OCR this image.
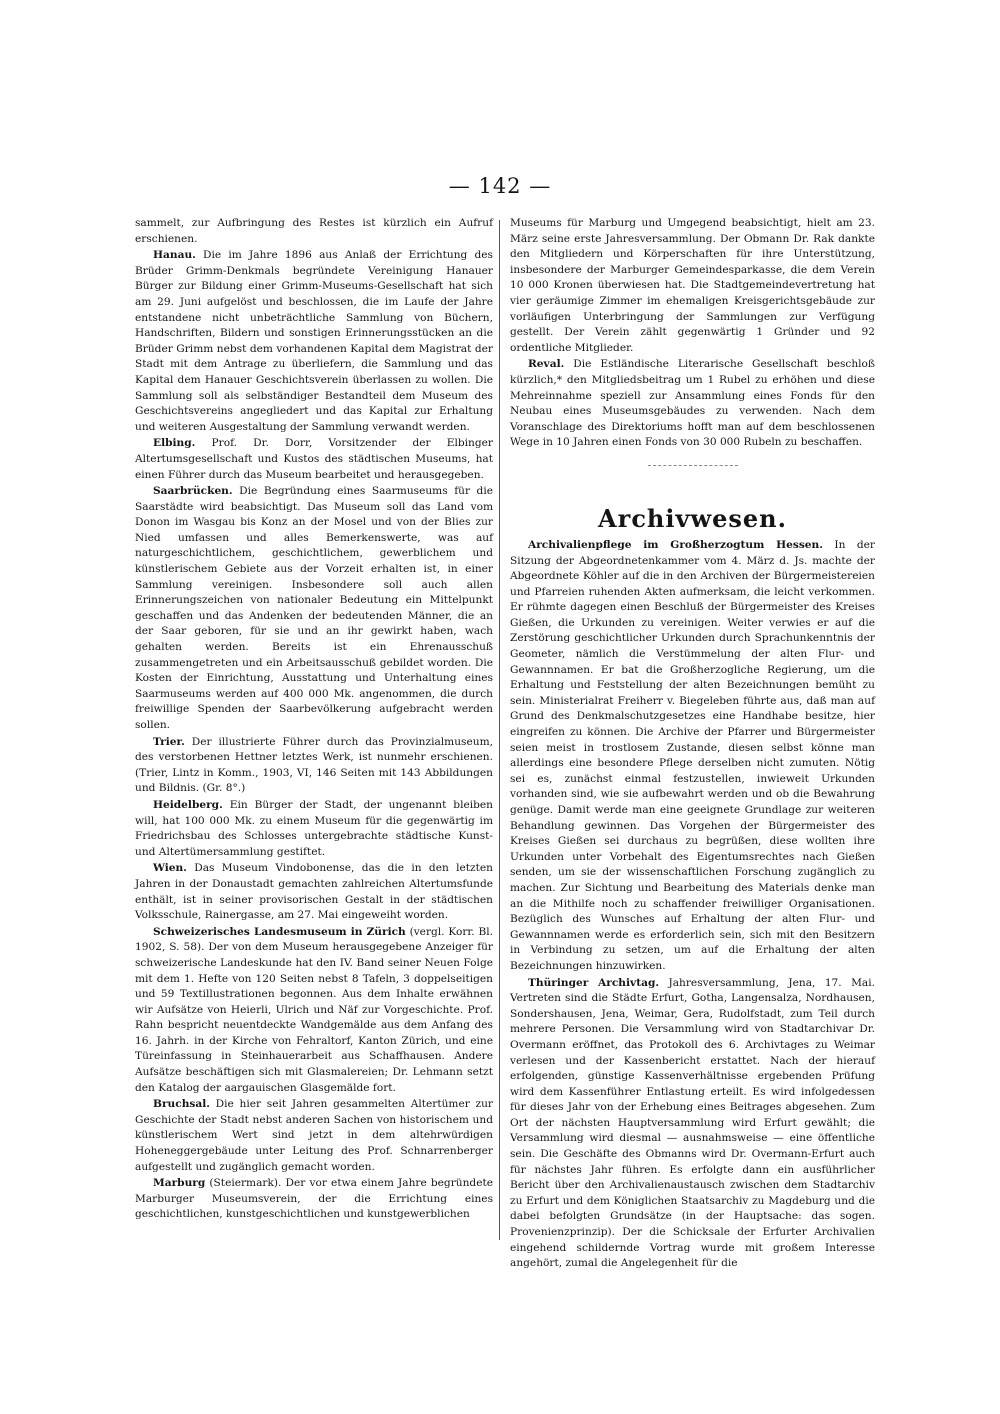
— 142 —

sammelt, zur Aufbringung des Restes ist kürzlich ein Aufruf erschienen.

Hanau. Die im Jahre 1896 aus Anlaß der Errichtung des Brüder Grimm-Denkmals begründete Vereinigung Hanauer Bürger zur Bildung einer Grimm-Museums-Gesellschaft hat sich am 29. Juni aufgelöst und beschlossen, die im Laufe der Jahre entstandene nicht unbeträchtliche Sammlung von Büchern, Handschriften, Bildern und sonstigen Erinnerungsstücken an die Brüder Grimm nebst dem vorhandenen Kapital dem Magistrat der Stadt mit dem Antrage zu überliefern, die Sammlung und das Kapital dem Hanauer Geschichtsverein überlassen zu wollen. Die Sammlung soll als selbständiger Bestandteil dem Museum des Geschichtsvereins angegliedert und das Kapital zur Erhaltung und weiteren Ausgestaltung der Sammlung verwandt werden.

Elbing. Prof. Dr. Dorr, Vorsitzender der Elbinger Altertumsgesellschaft und Kustos des städtischen Museums, hat einen Führer durch das Museum bearbeitet und herausgegeben.

Saarbrücken. Die Begründung eines Saarmuseums für die Saarstädte wird beabsichtigt. Das Museum soll das Land vom Donon im Wasgau bis Konz an der Mosel und von der Blies zur Nied umfassen und alles Bemerkenswerte, was auf naturgeschichtlichem, geschichtlichem, gewerblichem und künstlerischem Gebiete aus der Vorzeit erhalten ist, in einer Sammlung vereinigen. Insbesondere soll auch allen Erinnerungszeichen von nationaler Bedeutung ein Mittelpunkt geschaffen und das Andenken der bedeutenden Männer, die an der Saar geboren, für sie und an ihr gewirkt haben, wach gehalten werden. Bereits ist ein Ehrenausschuß zusammengetreten und ein Arbeitsausschuß gebildet worden. Die Kosten der Einrichtung, Ausstattung und Unterhaltung eines Saarmuseums werden auf 400 000 Mk. angenommen, die durch freiwillige Spenden der Saarbevölkerung aufgebracht werden sollen.

Trier. Der illustrierte Führer durch das Provinzialmuseum, des verstorbenen Hettner letztes Werk, ist nunmehr erschienen. (Trier, Lintz in Komm., 1903, VI, 146 Seiten mit 143 Abbildungen und Bildnis. (Gr. 8°.)

Heidelberg. Ein Bürger der Stadt, der ungenannt bleiben will, hat 100 000 Mk. zu einem Museum für die gegenwärtig im Friedrichsbau des Schlosses untergebrachte städtische Kunst- und Altertümersammlung gestiftet.

Wien. Das Museum Vindobonense, das die in den letzten Jahren in der Donaustadt gemachten zahlreichen Altertumsfunde enthält, ist in seiner provisorischen Gestalt in der städtischen Volksschule, Rainergasse, am 27. Mai eingeweiht worden.

Schweizerisches Landesmuseum in Zürich (vergl. Korr. Bl. 1902, S. 58). Der von dem Museum herausgegebene Anzeiger für schweizerische Landeskunde hat den IV. Band seiner Neuen Folge mit dem 1. Hefte von 120 Seiten nebst 8 Tafeln, 3 doppelseitigen und 59 Textillustrationen begonnen. Aus dem Inhalte erwähnen wir Aufsätze von Heierli, Ulrich und Näf zur Vorgeschichte. Prof. Rahn bespricht neuentdeckte Wandgemälde aus dem Anfang des 16. Jahrh. in der Kirche von Fehraltorf, Kanton Zürich, und eine Türeinfassung in Steinhauerarbeit aus Schaffhausen. Andere Aufsätze beschäftigen sich mit Glasmalereien; Dr. Lehmann setzt den Katalog der aargauischen Glasgemälde fort.

Bruchsal. Die hier seit Jahren gesammelten Altertümer zur Geschichte der Stadt nebst anderen Sachen von historischem und künstlerischem Wert sind jetzt in dem altehrwürdigen Hoheneggergebäude unter Leitung des Prof. Schnarrenberger aufgestellt und zugänglich gemacht worden.

Marburg (Steiermark). Der vor etwa einem Jahre begründete Marburger Museumsverein, der die Errichtung eines geschichtlichen, kunstgeschichtlichen und kunstgewerblichen

Museums für Marburg und Umgegend beabsichtigt, hielt am 23. März seine erste Jahresversammlung. Der Obmann Dr. Rak dankte den Mitgliedern und Körperschaften für ihre Unterstützung, insbesondere der Marburger Gemeindesparkasse, die dem Verein 10 000 Kronen überwiesen hat. Die Stadtgemeindevertretung hat vier geräumige Zimmer im ehemaligen Kreisgerichtsgebäude zur vorläufigen Unterbringung der Sammlungen zur Verfügung gestellt. Der Verein zählt gegenwärtig 1 Gründer und 92 ordentliche Mitglieder.

Reval. Die Estländische Literarische Gesellschaft beschloß kürzlich,* den Mitgliedsbeitrag um 1 Rubel zu erhöhen und diese Mehreinnahme speziell zur Ansammlung eines Fonds für den Neubau eines Museumsgebäudes zu verwenden. Nach dem Voranschlage des Direktoriums hofft man auf dem beschlossenen Wege in 10 Jahren einen Fonds von 30 000 Rubeln zu beschaffen.

Archivwesen.

Archivalienpflege im Großherzogtum Hessen. In der Sitzung der Abgeordnetenkammer vom 4. März d. Js. machte der Abgeordnete Köhler auf die in den Archiven der Bürgermeistereien und Pfarreien ruhenden Akten aufmerksam, die leicht verkommen. Er rühmte dagegen einen Beschluß der Bürgermeister des Kreises Gießen, die Urkunden zu vereinigen. Weiter verwies er auf die Zerstörung geschichtlicher Urkunden durch Sprachunkenntnis der Geometer, nämlich die Verstümmelung der alten Flur- und Gewannnamen. Er bat die Großherzogliche Regierung, um die Erhaltung und Feststellung der alten Bezeichnungen bemüht zu sein. Ministerialrat Freiherr v. Biegeleben führte aus, daß man auf Grund des Denkmalschutzgesetzes eine Handhabe besitze, hier eingreifen zu können. Die Archive der Pfarrer und Bürgermeister seien meist in trostlosem Zustande, diesen selbst könne man allerdings eine besondere Pflege derselben nicht zumuten. Nötig sei es, zunächst einmal festzustellen, inwieweit Urkunden vorhanden sind, wie sie aufbewahrt werden und ob die Bewahrung genüge. Damit werde man eine geeignete Grundlage zur weiteren Behandlung gewinnen. Das Vorgehen der Bürgermeister des Kreises Gießen sei durchaus zu begrüßen, diese wollten ihre Urkunden unter Vorbehalt des Eigentumsrechtes nach Gießen senden, um sie der wissenschaftlichen Forschung zugänglich zu machen. Zur Sichtung und Bearbeitung des Materials denke man an die Mithilfe noch zu schaffender freiwilliger Organisationen. Bezüglich des Wunsches auf Erhaltung der alten Flur- und Gewannnamen werde es erforderlich sein, sich mit den Besitzern in Verbindung zu setzen, um auf die Erhaltung der alten Bezeichnungen hinzuwirken.

Thüringer Archivtag. Jahresversammlung, Jena, 17. Mai. Vertreten sind die Städte Erfurt, Gotha, Langensalza, Nordhausen, Sondershausen, Jena, Weimar, Gera, Rudolfstadt, zum Teil durch mehrere Personen. Die Versammlung wird von Stadtarchivar Dr. Overmann eröffnet, das Protokoll des 6. Archivtages zu Weimar verlesen und der Kassenbericht erstattet. Nach der hierauf erfolgenden, günstige Kassenverhältnisse ergebenden Prüfung wird dem Kassenführer Entlastung erteilt. Es wird infolgedessen für dieses Jahr von der Erhebung eines Beitrages abgesehen. Zum Ort der nächsten Hauptversammlung wird Erfurt gewählt; die Versammlung wird diesmal — ausnahmsweise — eine öffentliche sein. Die Geschäfte des Obmanns wird Dr. Overmann-Erfurt auch für nächstes Jahr führen. Es erfolgte dann ein ausführlicher Bericht über den Archivalienaustausch zwischen dem Stadtarchiv zu Erfurt und dem Königlichen Staatsarchiv zu Magdeburg und die dabei befolgten Grundsätze (in der Hauptsache: das sogen. Provenienzprinzip). Der die Schicksale der Erfurter Archivalien eingehend schildernde Vortrag wurde mit großem Interesse angehört, zumal die Angelegenheit für die
